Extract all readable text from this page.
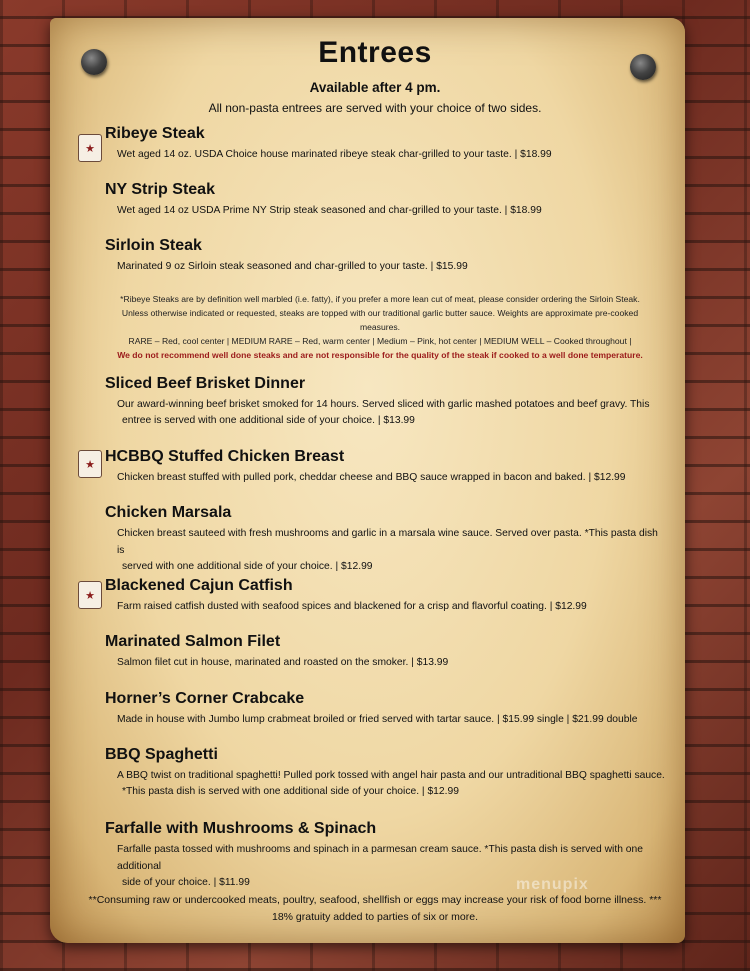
Entrees
Available after 4 pm.
All non-pasta entrees are served with your choice of two sides.
★
Ribeye Steak
Wet aged 14 oz. USDA Choice house marinated ribeye steak char-grilled to your taste. | $18.99
NY Strip Steak
Wet aged 14 oz USDA Prime NY Strip steak seasoned and char-grilled to your taste. | $18.99
Sirloin Steak
Marinated 9 oz Sirloin steak seasoned and char-grilled to your taste. | $15.99
*Ribeye Steaks are by definition well marbled (i.e. fatty), if you prefer a more lean cut of meat, please consider ordering the Sirloin Steak.
Unless otherwise indicated or requested, steaks are topped with our traditional garlic butter sauce. Weights are approximate pre-cooked measures.
RARE – Red, cool center | MEDIUM RARE – Red, warm center | Medium – Pink, hot center | MEDIUM WELL – Cooked throughout |
We do not recommend well done steaks and are not responsible for the quality of the steak if cooked to a well done temperature.
Sliced Beef Brisket Dinner
Our award-winning beef brisket smoked for 14 hours. Served sliced with garlic mashed potatoes and beef gravy. This
entree is served with one additional side of your choice. | $13.99
★ HCBBQ Stuffed Chicken Breast
Chicken breast stuffed with pulled pork, cheddar cheese and BBQ sauce wrapped in bacon and baked. | $12.99
Chicken Marsala
Chicken breast sauteed with fresh mushrooms and garlic in a marsala wine sauce. Served over pasta. *This pasta dish is
served with one additional side of your choice. | $12.99
★
Blackened Cajun Catfish
Farm raised catfish dusted with seafood spices and blackened for a crisp and flavorful coating. | $12.99
Marinated Salmon Filet
Salmon filet cut in house, marinated and roasted on the smoker. | $13.99
Horner’s Corner Crabcake
Made in house with Jumbo lump crabmeat broiled or fried served with tartar sauce. | $15.99 single | $21.99 double
BBQ Spaghetti
A BBQ twist on traditional spaghetti! Pulled pork tossed with angel hair pasta and our untraditional BBQ spaghetti sauce.
*This pasta dish is served with one additional side of your choice. | $12.99
Farfalle with Mushrooms & Spinach
Farfalle pasta tossed with mushrooms and spinach in a parmesan cream sauce. *This pasta dish is served with one additional
side of your choice. | $11.99
**Consuming raw or undercooked meats, poultry, seafood, shellfish or eggs may increase your risk of food borne illness. ***
18% gratuity added to parties of six or more.
menupix
